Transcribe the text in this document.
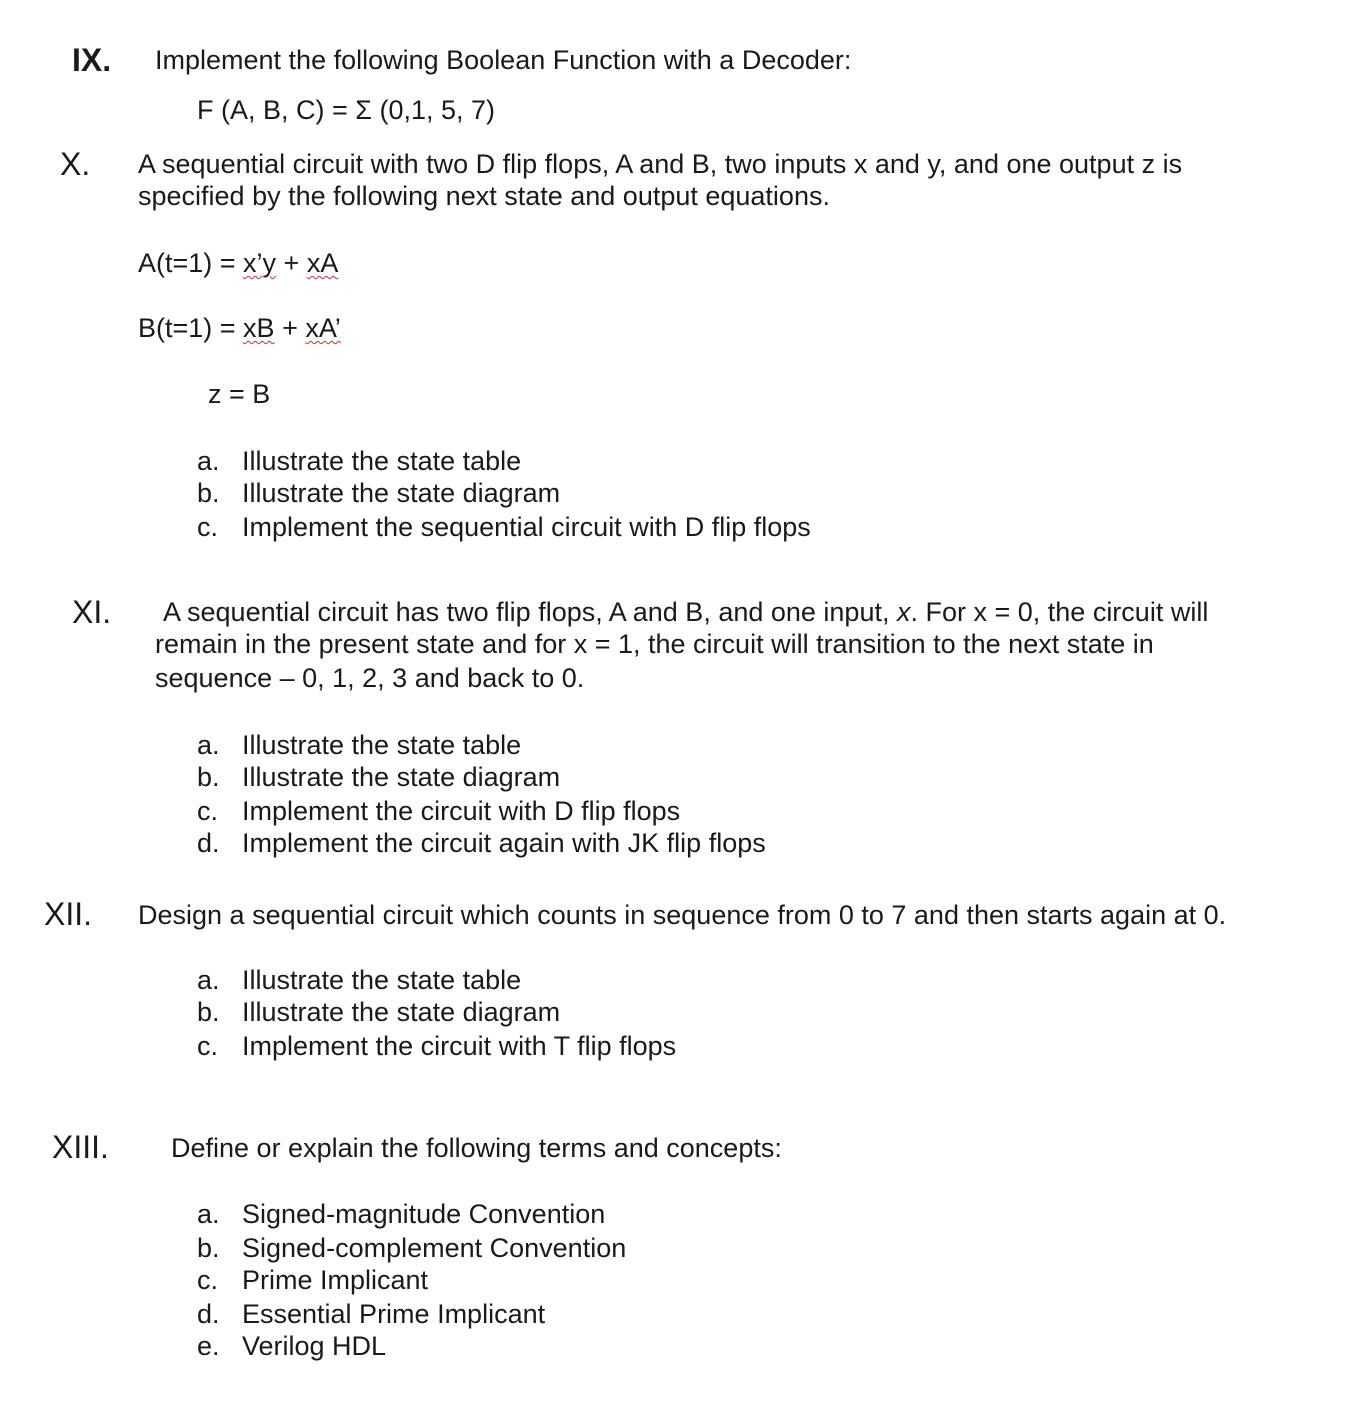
IX. Implement the following Boolean Function with a Decoder:
F (A, B, C) = Σ (0,1, 5, 7)
X. A sequential circuit with two D flip flops, A and B, two inputs x and y, and one output z is
specified by the following next state and output equations.
A(t=1) = x’y + xA
B(t=1) = xB + xA’
z = B
a. Illustrate the state table
b. Illustrate the state diagram
c. Implement the sequential circuit with D flip flops
XI. A sequential circuit has two flip flops, A and B, and one input, x. For x = 0, the circuit will
remain in the present state and for x = 1, the circuit will transition to the next state in
sequence – 0, 1, 2, 3 and back to 0.
a. Illustrate the state table
b. Illustrate the state diagram
c. Implement the circuit with D flip flops
d. Implement the circuit again with JK flip flops
XII. Design a sequential circuit which counts in sequence from 0 to 7 and then starts again at 0.
a. Illustrate the state table
b. Illustrate the state diagram
c. Implement the circuit with T flip flops
XIII. Define or explain the following terms and concepts:
a. Signed-magnitude Convention
b. Signed-complement Convention
c. Prime Implicant
d. Essential Prime Implicant
e. Verilog HDL
